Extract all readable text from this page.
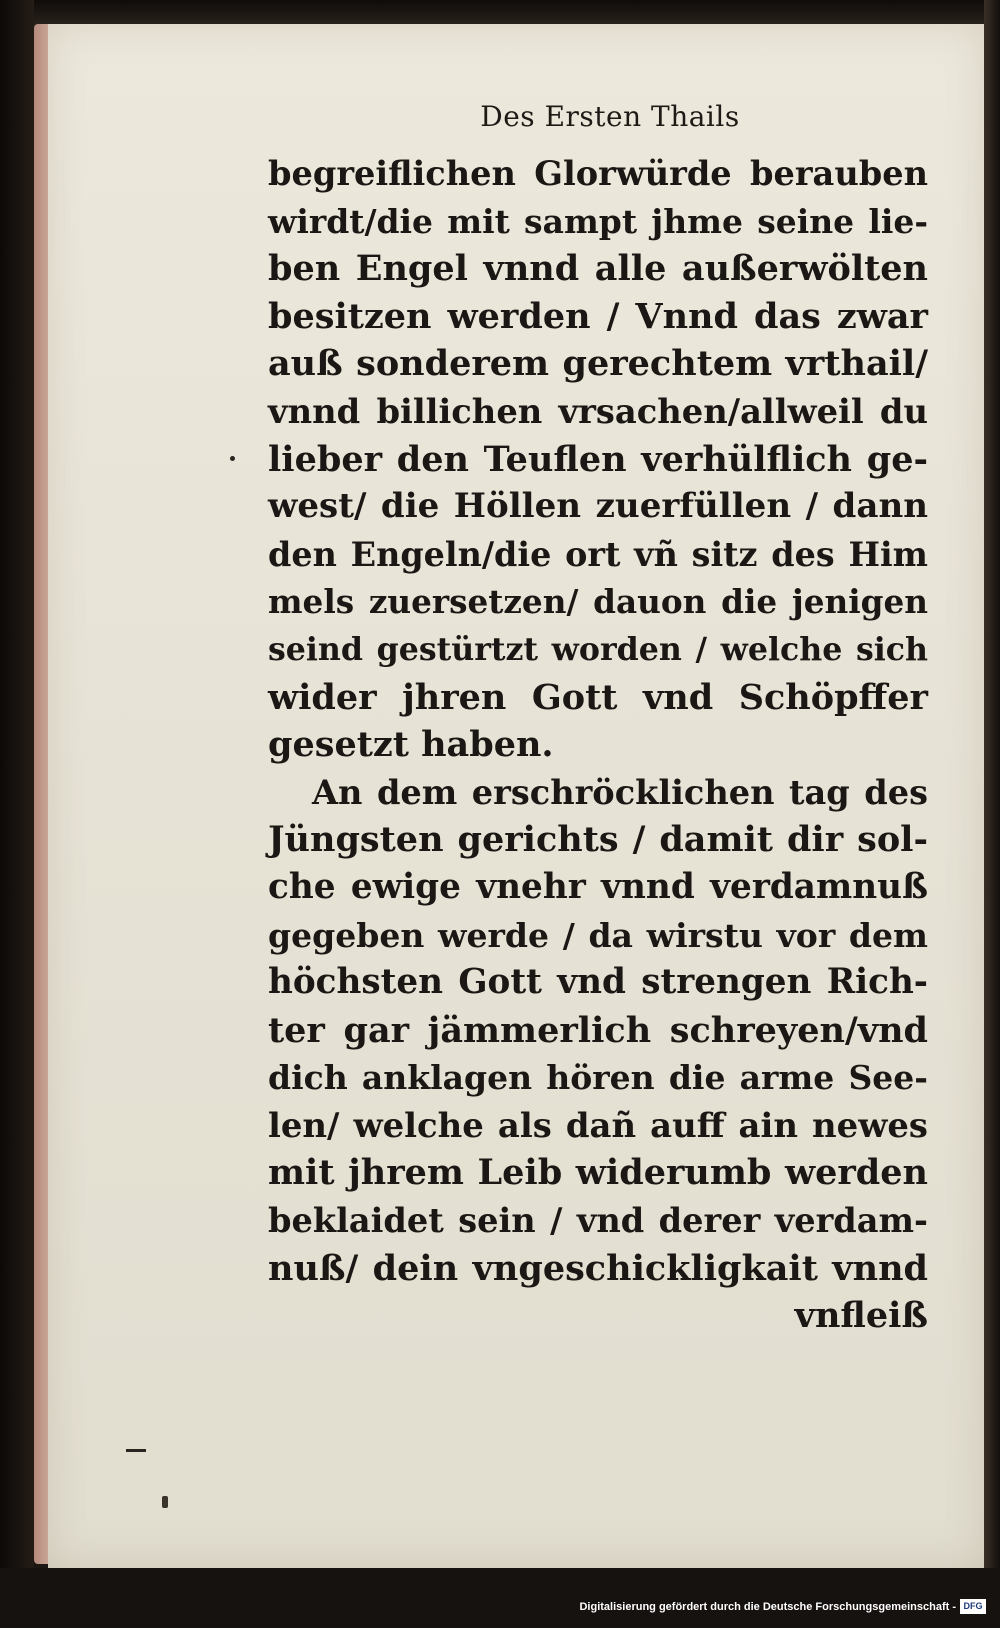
Des Ersten Thails
begreiflichen Glorwürde berauben
wirdt/die mit sampt jhme seine lie-
ben Engel vnnd alle außerwölten
besitzen werden / Vnnd das zwar
auß sonderem gerechtem vrthail/
vnnd billichen vrsachen/allweil du
lieber den Teuflen verhülflich ge-
west/ die Höllen zuerfüllen / dann
den Engeln/die ort vñ sitz des Him
mels zuersetzen/ dauon die jenigen
seind gestürtzt worden / welche sich
wider jhren Gott vnd Schöpffer
gesetzt haben.
An dem erschröcklichen tag des
Jüngsten gerichts / damit dir sol-
che ewige vnehr vnnd verdamnuß
gegeben werde / da wirstu vor dem
höchsten Gott vnd strengen Rich-
ter gar jämmerlich schreyen/vnd
dich anklagen hören die arme See-
len/ welche als dañ auff ain newes
mit jhrem Leib widerumb werden
beklaidet sein / vnd derer verdam-
nuß/ dein vngeschickligkait vnnd
vnfleiß
Digitalisierung gefördert durch die Deutsche Forschungsgemeinschaft - DFG
